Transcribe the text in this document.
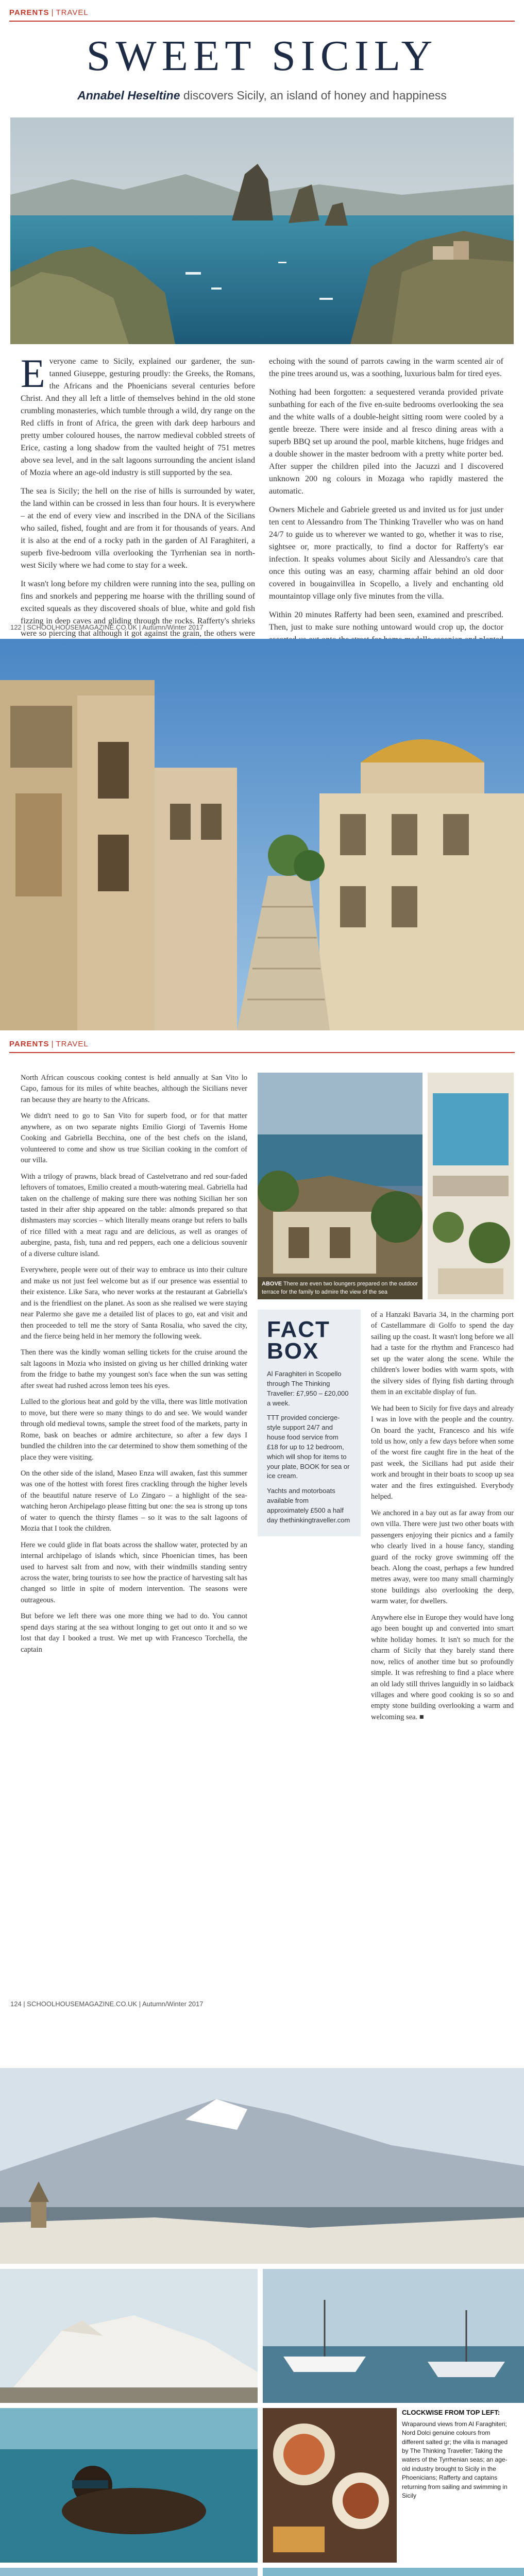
PARENTS | TRAVEL
SWEET SICILY
Annabel Heseltine discovers Sicily, an island of honey and happiness

Everyone came to Sicily, explained our gardener, the sun-tanned Giuseppe, gesturing proudly: the Greeks, the Romans, the Africans and the Phoenicians several centuries before Christ. And they all left a little of themselves behind in the old stone crumbling monasteries, which tumble through a wild, dry range on the Red cliffs in front of Africa, the green with dark deep harbours and pretty umber coloured houses, the narrow medieval cobbled streets of Erice, casting a long shadow from the vaulted height of 751 metres above sea level, and in the salt lagoons surrounding the ancient island of Mozia where an age-old industry is still supported by the sea.

The sea is Sicily; the hell on the rise of hills is surrounded by water, the land within can be crossed in less than four hours. It is everywhere – at the end of every view and inscribed in the DNA of the Sicilians who sailed, fished, fought and are from it for thousands of years. And it is also at the end of a rocky path in the garden of Al Faraghiteri, a superb five-bedroom villa overlooking the Tyrrhenian sea in north-west Sicily where we had come to stay for a week.

It wasn't long before my children were running into the sea, pulling on fins and snorkels and peppering me hoarse with the thrilling sound of excited squeals as they discovered shoals of blue, white and gold fish fizzing in deep caves and gliding through the rocks. Rafferty's shrieks were so piercing that although it got against the grain, the others were

echoing with the sound of parrots cawing in the warm scented air of the pine trees around us, was a soothing, luxurious balm for tired eyes.

Nothing had been forgotten: a sequestered veranda provided private sunbathing for each of the five en-suite bedrooms overlooking the sea and the white walls of a double-height sitting room were cooled by a gentle breeze. There were inside and al fresco dining areas with a superb BBQ set up around the pool, marble kitchens, huge fridges and a double shower in the master bedroom with a pretty white porter bed. After supper the children piled into the Jacuzzi and I discovered unknown 200 ng colours in Mozaga who rapidly mastered the automatic.

Owners Michele and Gabriele greeted us and invited us for just under ten cent to Alessandro from The Thinking Traveller who was on hand 24/7 to guide us to wherever we wanted to go, whether it was to rise, sightsee or, more practically, to find a doctor for Rafferty's ear infection. It speaks volumes about Sicily and Alessandro's care that once this outing was an easy, charming affair behind an old door covered in bougainvillea in Scopello, a lively and enchanting old mountaintop village only five minutes from the villa.

Within 20 minutes Rafferty had been seen, examined and prescribed. Then, just to make sure nothing untoward would crop up, the doctor

122 | SCHOOLHOUSEMAGAZINE.CO.UK | Autumn/Winter 2017
PARENTS | TRAVEL

North African couscous cooking contest is held annually at San Vito lo Capo, famous for its miles of white beaches, although the Sicilians never ran because they are hearty to the Africans.

We didn't need to go to San Vito for superb food, or for that matter anywhere, as on two separate nights Emilio Giorgi of Tavernis Home Cooking and Gabriella Becchina, one of the best chefs on the island, volunteered to come and show us true Sicilian cooking in the comfort of our villa.

With a trilogy of prawns, black bread of Castelvetrano and red sour-faded leftovers of tomatoes, Emilio created a mouth-watering meal. Gabriella had taken on the challenge of making sure there was nothing Sicilian her son tasted in their after ship appeared on the table: almonds prepared so that dishmasters may scorcies – which literally means orange but refers to balls of rice filled with a meat ragu and are delicious, as well as oranges of aubergine, pasta, fish, tuna and red peppers, each one a delicious souvenir of a diverse culture island.

Everywhere, people were out of their way to embrace us into their culture and make us not just feel welcome but as if our presence was essential to their existence. Like Sara, who never works at the restaurant at Gabriella's and is the friendliest on the planet. As soon as she realised we were staying near Palermo she gave me a detailed list of places to go, eat and visit and then proceeded to tell me the story of Santa Rosalia, who saved the city, and the fierce being held in her memory the following week.

Then there was the kindly woman selling tickets for the cruise around the salt lagoons in Mozia who insisted on giving us her chilled drinking water from the fridge to bathe my youngest son's face when the sun was setting after sweat had rushed across lemon tees his eyes.

Lulled to the glorious heat and gold by the villa, there was little motivation to move, but there were so many things to do and see. We would wander through old medieval towns, sample the street food of the markets, party in Rome, bask on beaches or admire architecture, so after a few days I bundled the children into the car determined to show them something of the place they were visiting.

On the other side of the island, Maseo Enza will awaken, fast this summer was one of the hottest with forest fires crackling through the higher levels of the beautiful nature reserve of Lo Zingaro – a highlight of the sea-watching heron Archipelago please fitting but one: the sea is strong up tons of water to quench the thirsty flames – so it was to the salt lagoons of Mozia that I took the children.

Here we could glide in flat boats across the shallow water, protected by an internal archipelago of islands which, since Phoenician times, has been used to harvest salt from and now, with their windmills standing sentry across the water, bring tourists to see how the practice of harvesting salt has changed so little in spite of modern intervention. The seasons were outrageous.

But before we left there was one more thing we had to do. You cannot spend days staring at the sea without longing to get out onto it and so we lost that day I booked a trust. We met up with Francesco Torchella, the captain

ABOVE There are even two loungers prepared on the outdoor terrace for the family to admire the view of the sea
FACT BOX

Al Faraghiteri in Scopello through The Thinking Traveller: £7,950 – £20,000 a week.

TTT provided concierge-style support 24/7 and house food service from £18 for up to 12 bedroom, which will shop for items to your plate, BOOK for sea or ice cream.

Yachts and motorboats available from approximately £500 a half day thethinkingtraveller.com

of a Hanzaki Bavaria 34, in the charming port of Castellammare di Golfo to spend the day sailing up the coast. It wasn't long before we all had a taste for the rhythm and Francesco had set up the water along the scene. While the children's lower bodies with warm spots, with the silvery sides of flying fish darting through them in an excitable display of fun.

We had been to Sicily for five days and already I was in love with the people and the country. On board the yacht, Francesco and his wife told us how, only a few days before when some of the worst fire caught fire in the heat of the past week, the Sicilians had put aside their work and brought in their boats to scoop up sea water and the fires extinguished. Everybody helped.

We anchored in a bay out as far away from our own villa. There were just two other boats with passengers enjoying their picnics and a family who clearly lived in a house fancy, standing guard of the rocky grove swimming off the beach. Along the coast, perhaps a few hundred metres away, were too many small charmingly stone buildings also overlooking the deep, warm water, for dwellers.

Anywhere else in Europe they would have long ago been bought up and converted into smart white holiday homes. It isn't so much for the charm of Sicily that they barely stand there now, relics of another time but so profoundly simple. It was refreshing to find a place where an old lady still thrives languidly in so laidback villages and where good cooking is so so and empty stone building overlooking a warm and welcoming sea. ■

124 | SCHOOLHOUSEMAGAZINE.CO.UK | Autumn/Winter 2017
CLOCKWISE FROM TOP LEFT:
Wraparound views from Al Faraghiteri; Nord Dolci genuine colours from different salted gr; the villa is managed by The Thinking Traveller; Taking the waters of the Tyrrhenian seas; an age-old industry brought to Sicily in the Phoenicians; Rafferty and captains returning from sailing and swimming in Sicily
